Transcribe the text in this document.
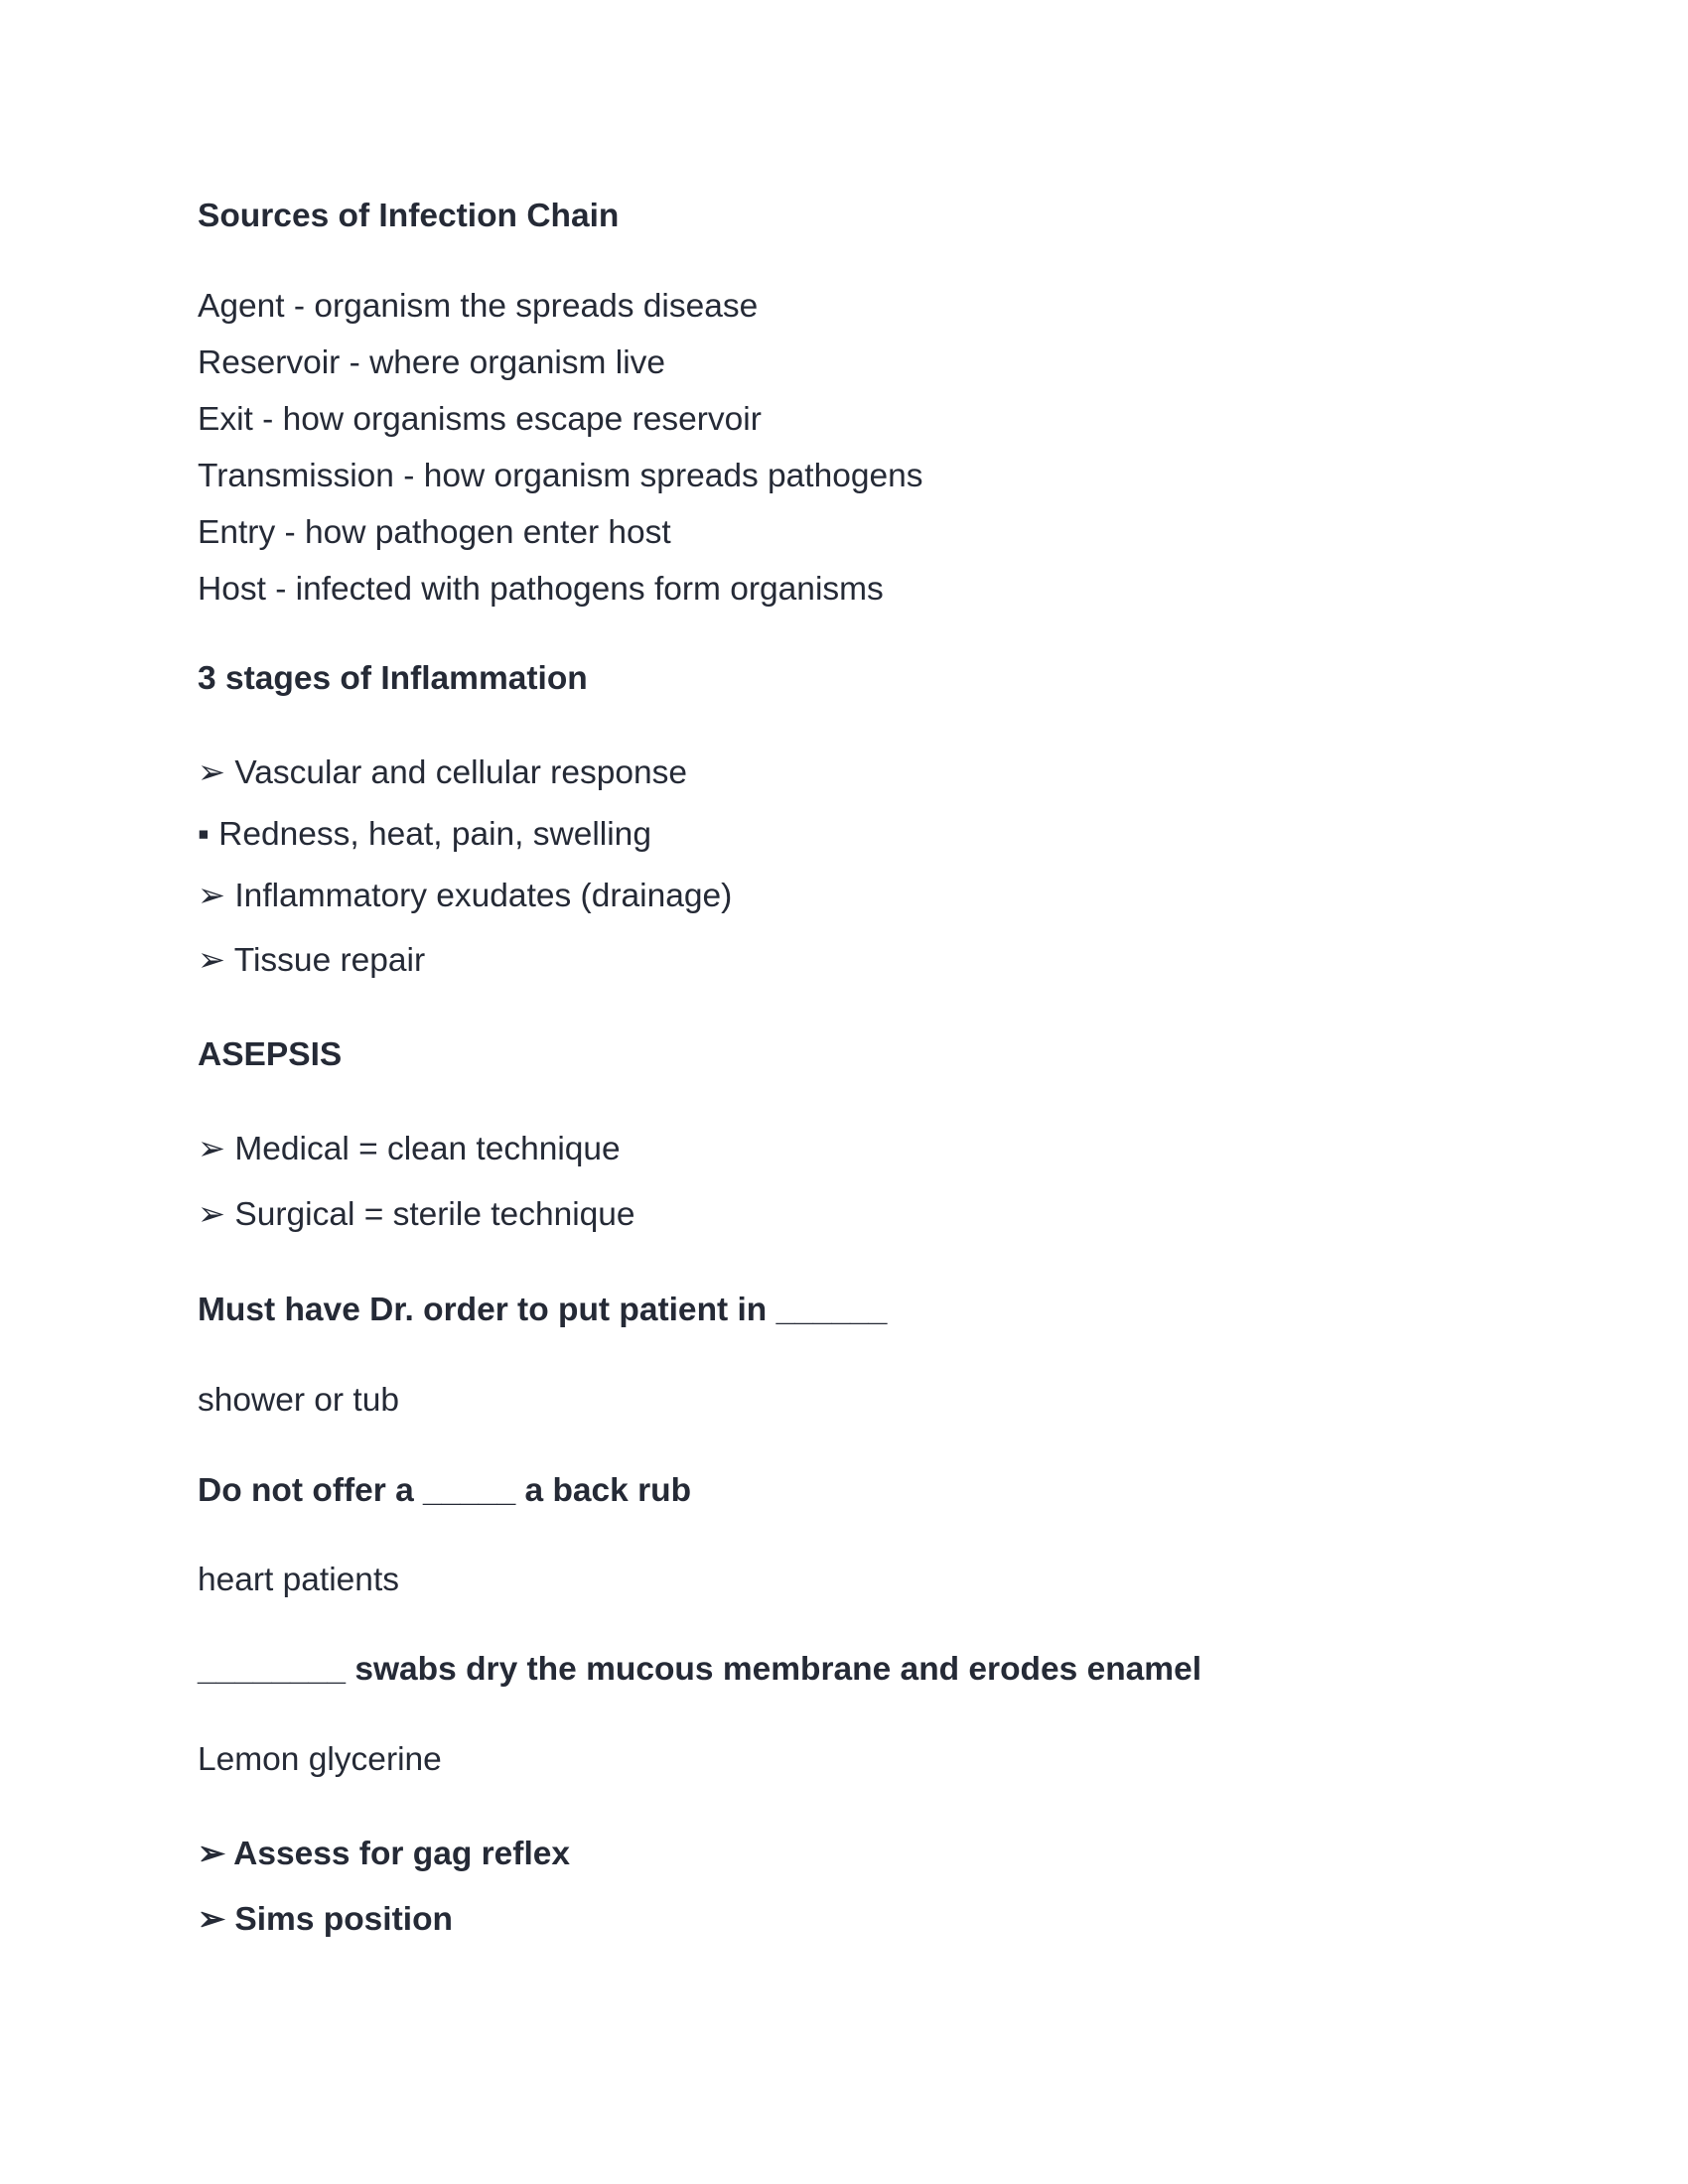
Sources of Infection Chain
Agent - organism the spreads disease
Reservoir - where organism live
Exit - how organisms escape reservoir
Transmission - how organism spreads pathogens
Entry - how pathogen enter host
Host - infected with pathogens form organisms
3 stages of Inflammation
➢ Vascular and cellular response
▪ Redness, heat, pain, swelling
➢ Inflammatory exudates (drainage)
➢ Tissue repair
ASEPSIS
➢ Medical = clean technique
➢ Surgical = sterile technique
Must have Dr. order to put patient in ______
shower or tub
Do not offer a _____ a back rub
heart patients
________ swabs dry the mucous membrane and erodes enamel
Lemon glycerine
➢ Assess for gag reflex
➢ Sims position
